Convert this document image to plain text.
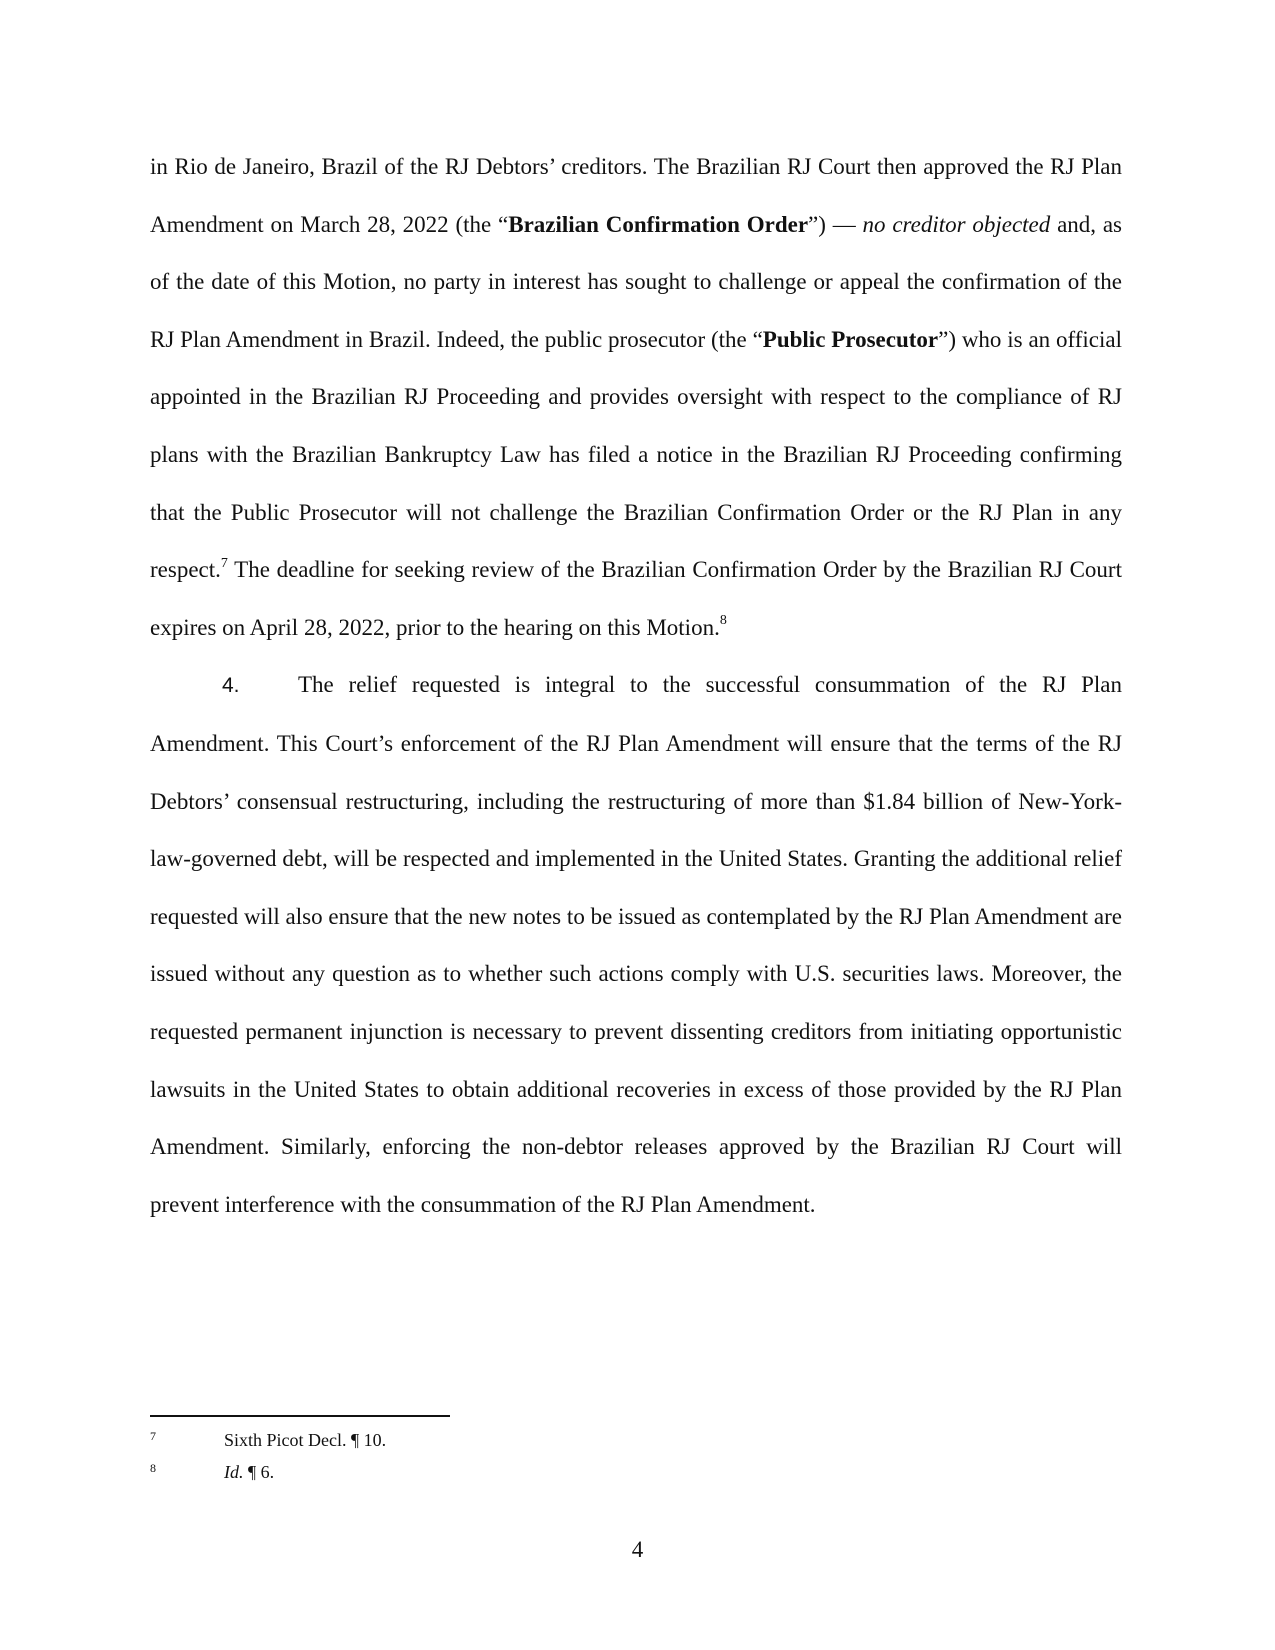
in Rio de Janeiro, Brazil of the RJ Debtors’ creditors. The Brazilian RJ Court then approved the RJ Plan Amendment on March 28, 2022 (the “Brazilian Confirmation Order”) — no creditor objected and, as of the date of this Motion, no party in interest has sought to challenge or appeal the confirmation of the RJ Plan Amendment in Brazil. Indeed, the public prosecutor (the “Public Prosecutor”) who is an official appointed in the Brazilian RJ Proceeding and provides oversight with respect to the compliance of RJ plans with the Brazilian Bankruptcy Law has filed a notice in the Brazilian RJ Proceeding confirming that the Public Prosecutor will not challenge the Brazilian Confirmation Order or the RJ Plan in any respect.$^7$ The deadline for seeking review of the Brazilian Confirmation Order by the Brazilian RJ Court expires on April 28, 2022, prior to the hearing on this Motion.$^8$

4.	The relief requested is integral to the successful consummation of the RJ Plan Amendment. This Court’s enforcement of the RJ Plan Amendment will ensure that the terms of the RJ Debtors’ consensual restructuring, including the restructuring of more than $1.84 billion of New-York-law-governed debt, will be respected and implemented in the United States. Granting the additional relief requested will also ensure that the new notes to be issued as contemplated by the RJ Plan Amendment are issued without any question as to whether such actions comply with U.S. securities laws. Moreover, the requested permanent injunction is necessary to prevent dissenting creditors from initiating opportunistic lawsuits in the United States to obtain additional recoveries in excess of those provided by the RJ Plan Amendment. Similarly, enforcing the non-debtor releases approved by the Brazilian RJ Court will prevent interference with the consummation of the RJ Plan Amendment.

7	Sixth Picot Decl. ¶ 10.
8	Id. ¶ 6.
4
